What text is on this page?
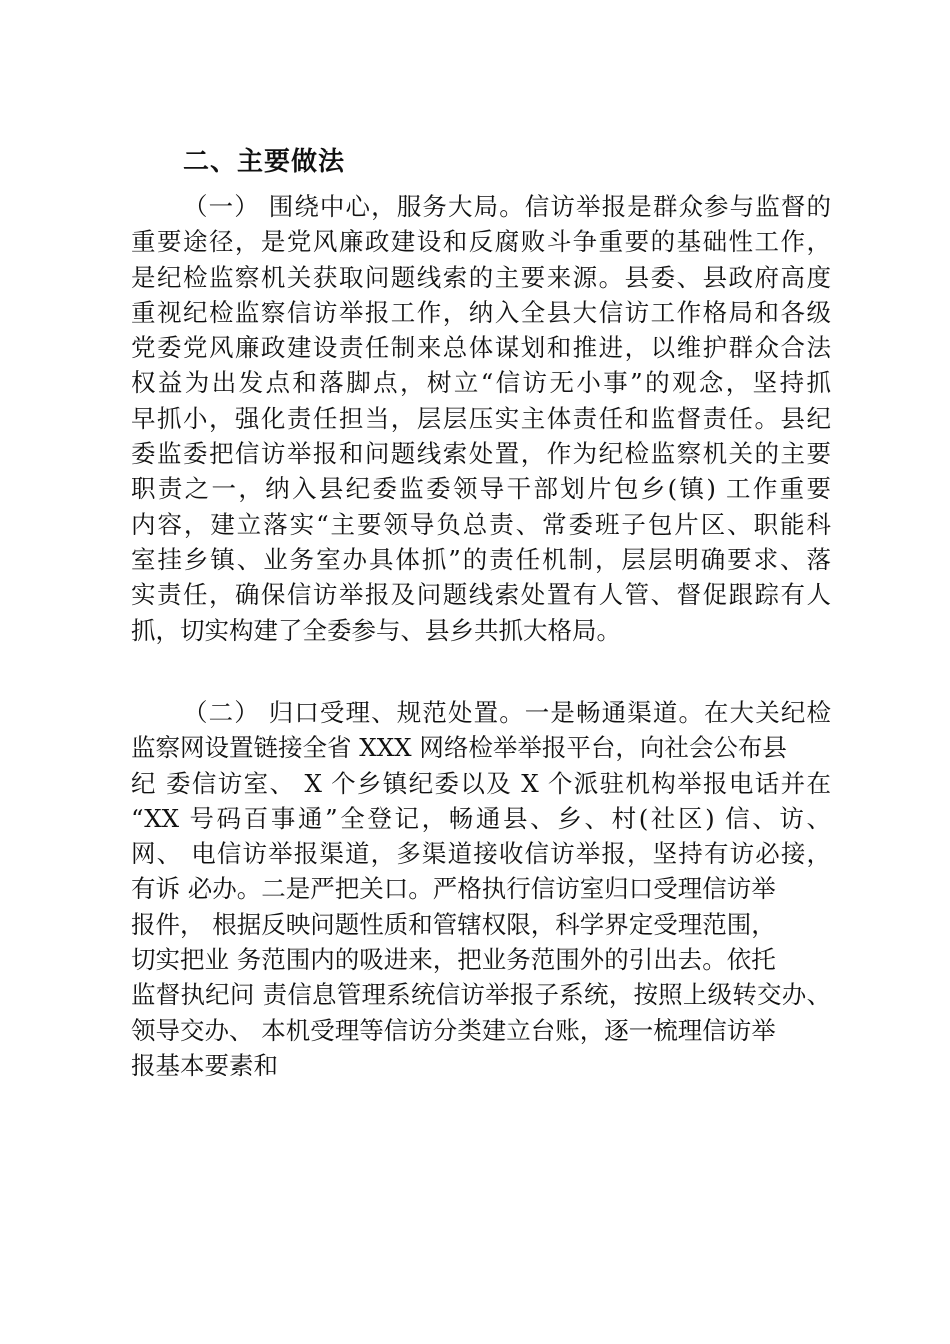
二、主要做法
（一） 围绕中心，服务大局。信访举报是群众参与监督的
重要途径，是党风廉政建设和反腐败斗争重要的基础性工作，
是纪检监察机关获取问题线索的主要来源。县委、县政府高度
重视纪检监察信访举报工作，纳入全县大信访工作格局和各级
党委党风廉政建设责任制来总体谋划和推进，以维护群众合法
权益为出发点和落脚点，树立“信访无小事”的观念，坚持抓
早抓小，强化责任担当，层层压实主体责任和监督责任。县纪
委监委把信访举报和问题线索处置，作为纪检监察机关的主要
职责之一，纳入县纪委监委领导干部划片包乡(镇) 工作重要
内容，建立落实“主要领导负总责、常委班子包片区、职能科
室挂乡镇、业务室办具体抓”的责任机制，层层明确要求、落
实责任，确保信访举报及问题线索处置有人管、督促跟踪有人
抓，切实构建了全委参与、县乡共抓大格局。
（二） 归口受理、规范处置。一是畅通渠道。在大关纪检
监察网设置链接全省 XXX 网络检举举报平台，向社会公布县
纪 委信访室、 X 个乡镇纪委以及 X 个派驻机构举报电话并在
“XX 号码百事通”全登记，畅通县、乡、村(社区) 信、访、
网、 电信访举报渠道，多渠道接收信访举报，坚持有访必接，
有诉 必办。二是严把关口。严格执行信访室归口受理信访举
报件， 根据反映问题性质和管辖权限，科学界定受理范围，
切实把业 务范围内的吸进来，把业务范围外的引出去。依托
监督执纪问 责信息管理系统信访举报子系统，按照上级转交办、
领导交办、 本机受理等信访分类建立台账，逐一梳理信访举
报基本要素和
